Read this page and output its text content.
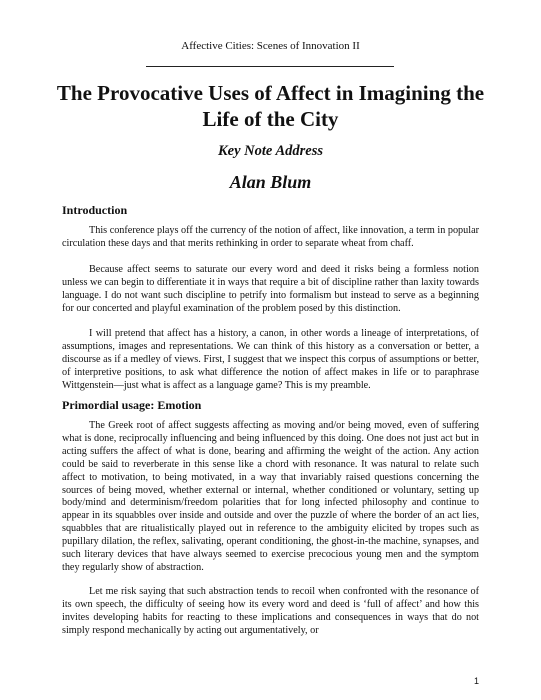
Affective Cities: Scenes of Innovation II
The Provocative Uses of Affect in Imagining the Life of the City
Key Note Address
Alan Blum
Introduction

This conference plays off the currency of the notion of affect, like innovation, a term in popular circulation these days and that merits rethinking in order to separate wheat from chaff.

Because affect seems to saturate our every word and deed it risks being a formless notion unless we can begin to differentiate it in ways that require a bit of discipline rather than laxity towards language. I do not want such discipline to petrify into formalism but instead to serve as a beginning for our concerted and playful examination of the problem posed by this distinction.

I will pretend that affect has a history, a canon, in other words a lineage of interpretations, of assumptions, images and representations. We can think of this history as a conversation or better, a discourse as if a medley of views. First, I suggest that we inspect this corpus of assumptions or better, of interpretive positions, to ask what difference the notion of affect makes in life or to paraphrase Wittgenstein—just what is affect as a language game? This is my preamble.

Primordial usage: Emotion

The Greek root of affect suggests affecting as moving and/or being moved, even of suffering what is done, reciprocally influencing and being influenced by this doing. One does not just act but in acting suffers the affect of what is done, bearing and affirming the weight of the action. Any action could be said to reverberate in this sense like a chord with resonance. It was natural to relate such affect to motivation, to being motivated, in a way that invariably raised questions concerning the sources of being moved, whether external or internal, whether conditioned or voluntary, setting up body/mind and determinism/freedom polarities that for long infected philosophy and continue to appear in its squabbles over inside and outside and over the puzzle of where the border of an act lies, squabbles that are ritualistically played out in reference to the ambiguity elicited by tropes such as pupillary dilation, the reflex, salivating, operant conditioning, the ghost-in-the machine, synapses, and such literary devices that have always seemed to exercise precocious young men and the symptom they regularly show of abstraction.

Let me risk saying that such abstraction tends to recoil when confronted with the resonance of its own speech, the difficulty of seeing how its every word and deed is ‘full of affect’ and how this invites developing habits for reacting to these implications and consequences in ways that do not simply respond mechanically by acting out argumentatively, or

1
